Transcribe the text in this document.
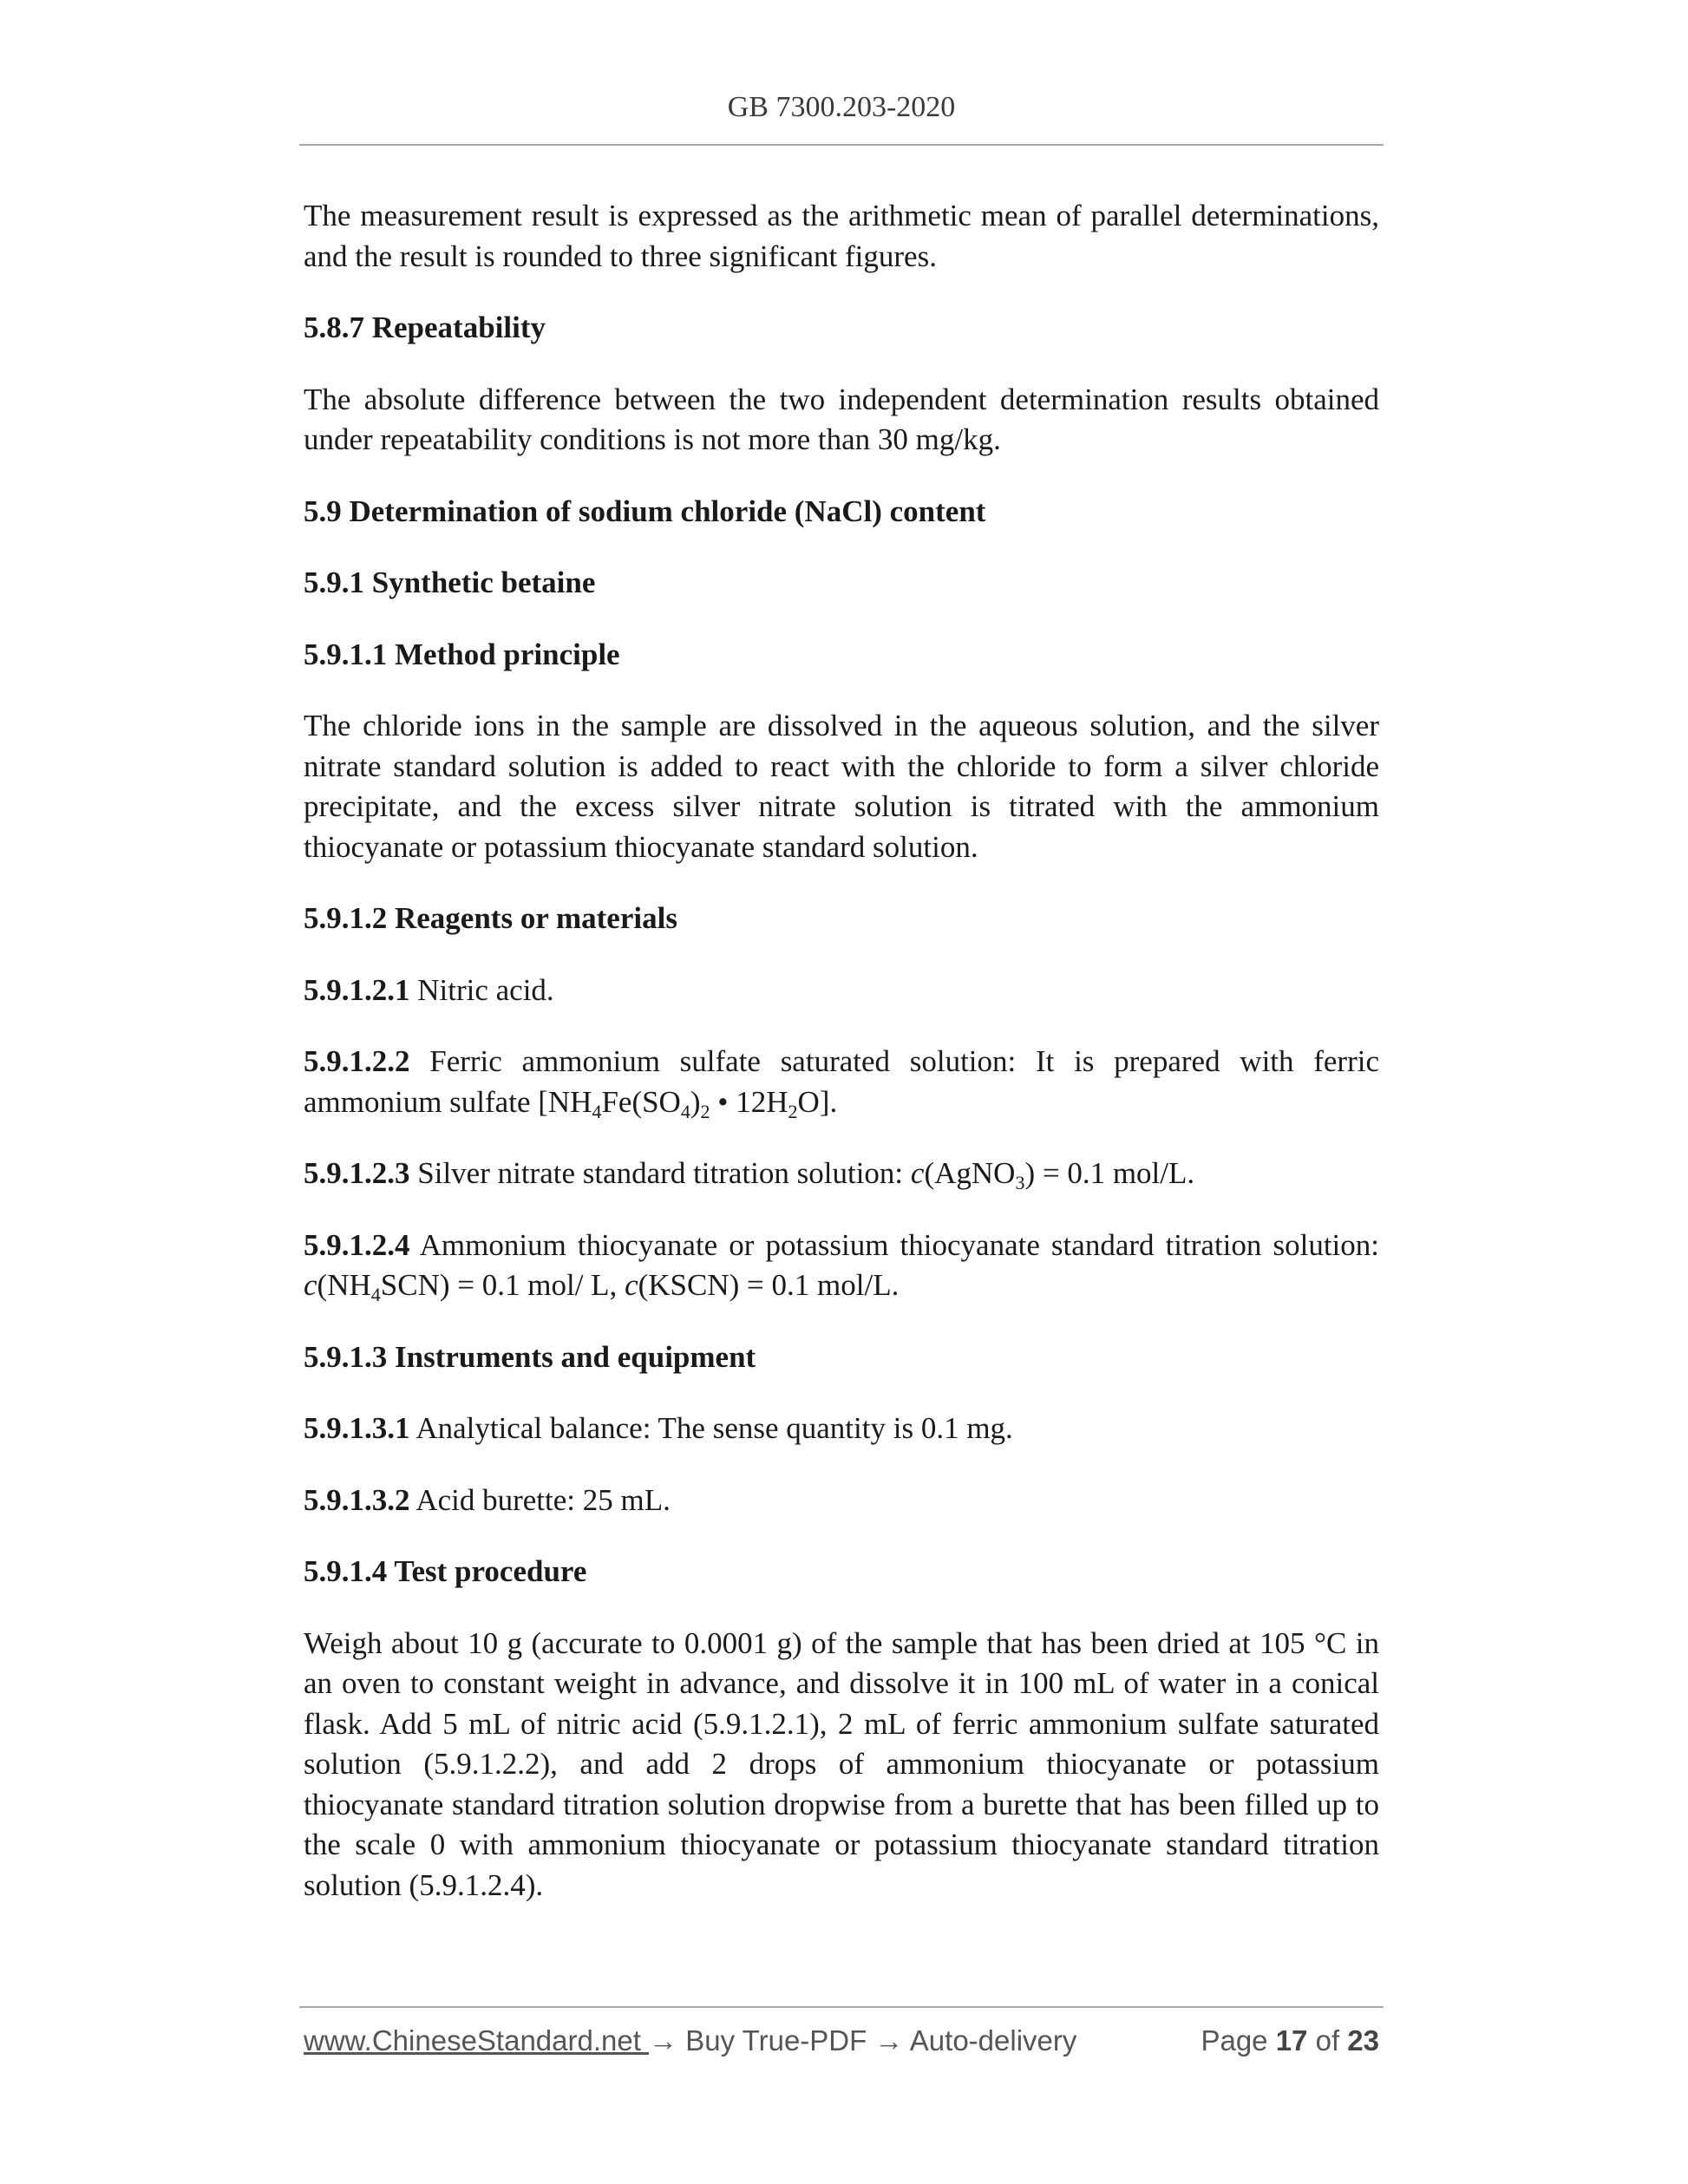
GB 7300.203-2020

The measurement result is expressed as the arithmetic mean of parallel determinations, and the result is rounded to three significant figures.

5.8.7 Repeatability

The absolute difference between the two independent determination results obtained under repeatability conditions is not more than 30 mg/kg.

5.9 Determination of sodium chloride (NaCl) content

5.9.1 Synthetic betaine

5.9.1.1 Method principle

The chloride ions in the sample are dissolved in the aqueous solution, and the silver nitrate standard solution is added to react with the chloride to form a silver chloride precipitate, and the excess silver nitrate solution is titrated with the ammonium thiocyanate or potassium thiocyanate standard solution.

5.9.1.2 Reagents or materials

5.9.1.2.1 Nitric acid.

5.9.1.2.2 Ferric ammonium sulfate saturated solution: It is prepared with ferric ammonium sulfate [$NH_4Fe(SO_4)_2$ • $12H_2O$].

5.9.1.2.3 Silver nitrate standard titration solution: c(AgNO$_3$) = 0.1 mol/L.

5.9.1.2.4 Ammonium thiocyanate or potassium thiocyanate standard titration solution: $c(NH_4SCN) = 0.1$ mol/ L, c(KSCN) = 0.1 mol/L.

5.9.1.3 Instruments and equipment

5.9.1.3.1 Analytical balance: The sense quantity is 0.1 mg.

5.9.1.3.2 Acid burette: 25 mL.

5.9.1.4 Test procedure

Weigh about 10 g (accurate to 0.0001 g) of the sample that has been dried at 105 °C in an oven to constant weight in advance, and dissolve it in 100 mL of water in a conical flask. Add 5 mL of nitric acid (5.9.1.2.1), 2 mL of ferric ammonium sulfate saturated solution (5.9.1.2.2), and add 2 drops of ammonium thiocyanate or potassium thiocyanate standard titration solution dropwise from a burette that has been filled up to the scale 0 with ammonium thiocyanate or potassium thiocyanate standard titration solution (5.9.1.2.4).

www.ChineseStandard.net → Buy True-PDF → Auto-delivery	Page 17 of 23
